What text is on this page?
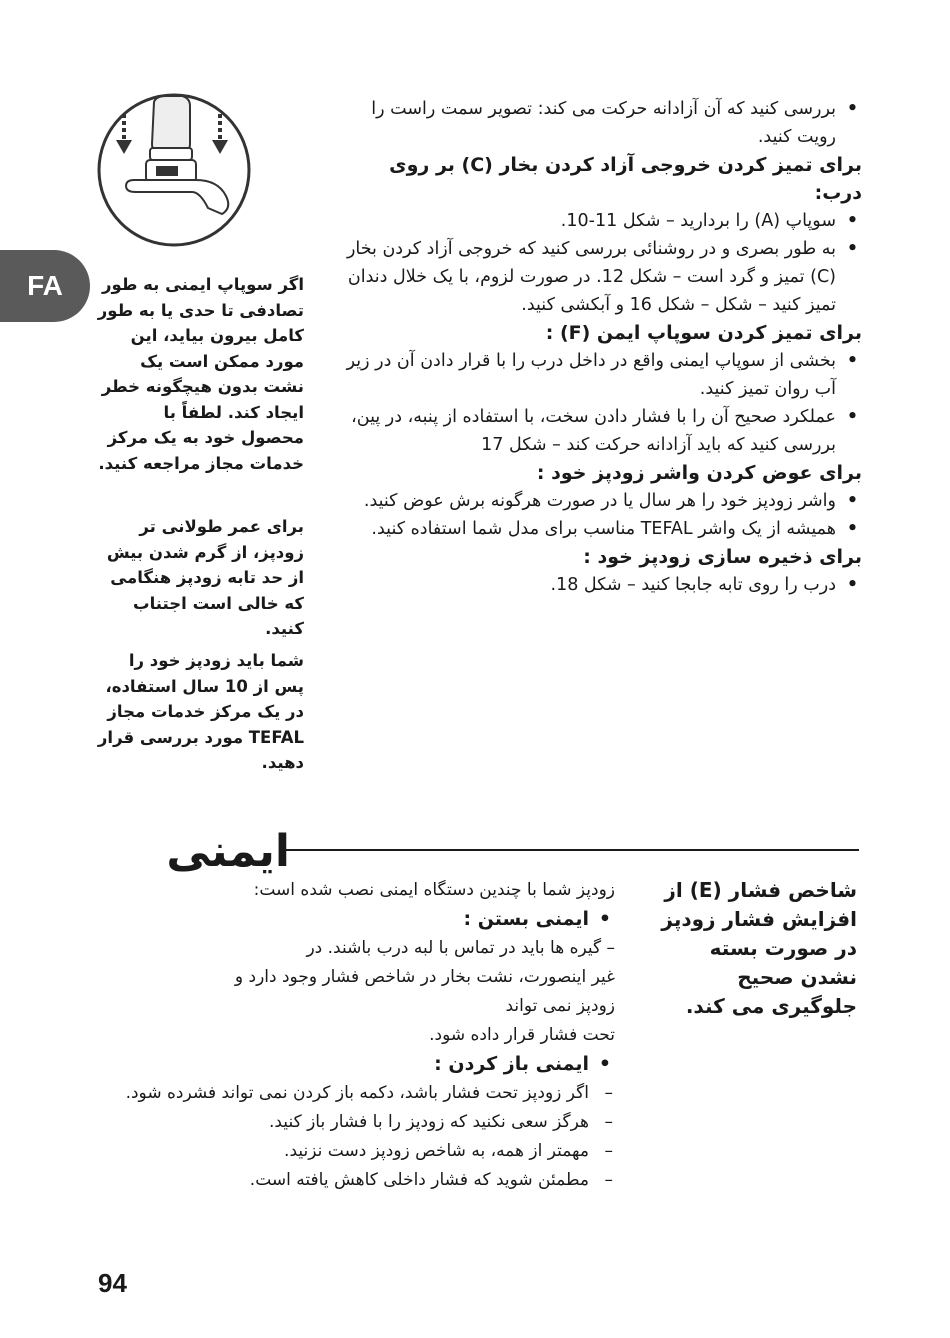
FA

• بررسی کنید که آن آزادانه حرکت می کند: تصویر سمت راست را رویت کنید.

برای تمیز کردن خروجی آزاد کردن بخار (C) بر روی درب:

• سوپاپ (A) را بردارید – شکل 11-10.

• به طور بصری و در روشنائی بررسی کنید که خروجی آزاد کردن بخار (C) تمیز و گرد است – شکل 12. در صورت لزوم، با یک خلال دندان تمیز کنید – شکل – شکل 16 و آبکشی کنید.

برای تمیز کردن سوپاپ ایمن (F) :

• بخشی از سوپاپ ایمنی واقع در داخل درب را با قرار دادن آن در زیر آب روان تمیز کنید.

• عملکرد صحیح آن را با فشار دادن سخت، با استفاده از پنبه، در پین، بررسی کنید که باید آزادانه حرکت کند – شکل 17

برای عوض کردن واشر زودپز خود :

• واشر زودپز خود را هر سال یا در صورت هرگونه برش عوض کنید.

• همیشه از یک واشر TEFAL مناسب برای مدل شما استفاده کنید.

برای ذخیره سازی زودپز خود :

• درب را روی تابه جابجا کنید – شکل 18.

اگر سوپاپ ایمنی به طور تصادفی تا حدی یا به طور کامل بیرون بیاید، این مورد ممکن است یک نشت بدون هیچگونه خطر ایجاد کند. لطفاً با محصول خود به یک مرکز خدمات مجاز مراجعه کنید.
برای عمر طولانی تر زودپز، از گرم شدن بیش از حد تابه زودپز هنگامی که خالی است اجتناب کنید.
شما باید زودپز خود را پس از 10 سال استفاده، در یک مرکز خدمات مجاز TEFAL مورد بررسی قرار دهید.
ایمنی
شاخص فشار (E) از افزایش فشار زودپز در صورت بسته نشدن صحیح جلوگیری می کند.

زودپز شما با چندین دستگاه ایمنی نصب شده است:

• ایمنی بستن :

– گیره ها باید در تماس با لبه درب باشند. در

غیر اینصورت، نشت بخار در شاخص فشار وجود دارد و

زودپز نمی تواند

تحت فشار قرار داده شود.

• ایمنی باز کردن :

– اگر زودپز تحت فشار باشد، دکمه باز کردن نمی تواند فشرده شود.

– هرگز سعی نکنید که زودپز را با فشار باز کنید.

– مهمتر از همه، به شاخص زودپز دست نزنید.

– مطمئن شوید که فشار داخلی کاهش یافته است.

94
